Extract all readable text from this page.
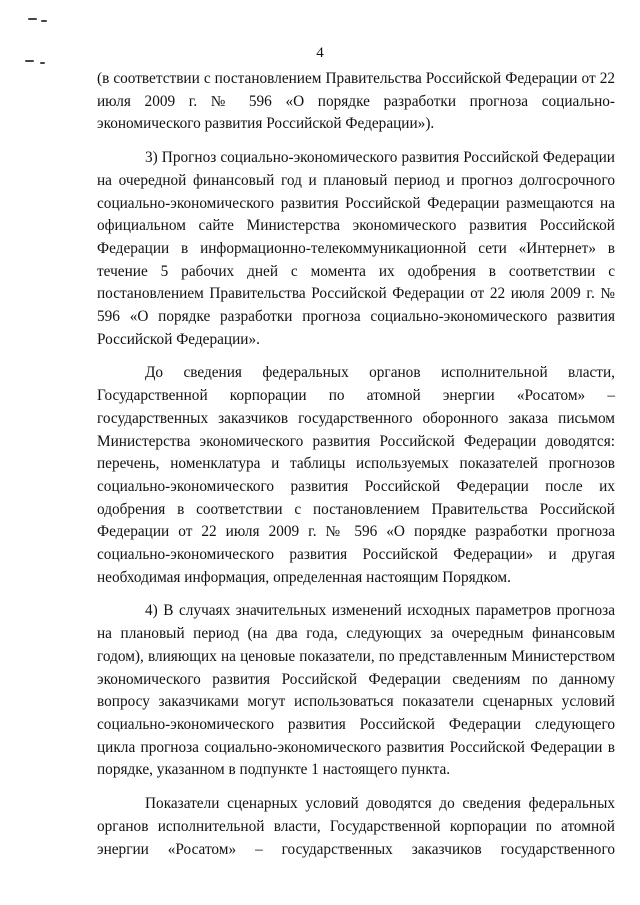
4

(в соответствии с постановлением Правительства Российской Федерации от 22 июля 2009 г. № 596 «О порядке разработки прогноза социально-экономического развития Российской Федерации»).

3) Прогноз социально-экономического развития Российской Федерации на очередной финансовый год и плановый период и прогноз долгосрочного социально-экономического развития Российской Федерации размещаются на официальном сайте Министерства экономического развития Российской Федерации в информационно-телекоммуникационной сети «Интернет» в течение 5 рабочих дней с момента их одобрения в соответствии с постановлением Правительства Российской Федерации от 22 июля 2009 г. № 596 «О порядке разработки прогноза социально-экономического развития Российской Федерации».

До сведения федеральных органов исполнительной власти, Государственной корпорации по атомной энергии «Росатом» – государственных заказчиков государственного оборонного заказа письмом Министерства экономического развития Российской Федерации доводятся: перечень, номенклатура и таблицы используемых показателей прогнозов социально-экономического развития Российской Федерации после их одобрения в соответствии с постановлением Правительства Российской Федерации от 22 июля 2009 г. № 596 «О порядке разработки прогноза социально-экономического развития Российской Федерации» и другая необходимая информация, определенная настоящим Порядком.

4) В случаях значительных изменений исходных параметров прогноза на плановый период (на два года, следующих за очередным финансовым годом), влияющих на ценовые показатели, по представленным Министерством экономического развития Российской Федерации сведениям по данному вопросу заказчиками могут использоваться показатели сценарных условий социально-экономического развития Российской Федерации следующего цикла прогноза социально-экономического развития Российской Федерации в порядке, указанном в подпункте 1 настоящего пункта.

Показатели сценарных условий доводятся до сведения федеральных органов исполнительной власти, Государственной корпорации по атомной энергии «Росатом» – государственных заказчиков государственного
